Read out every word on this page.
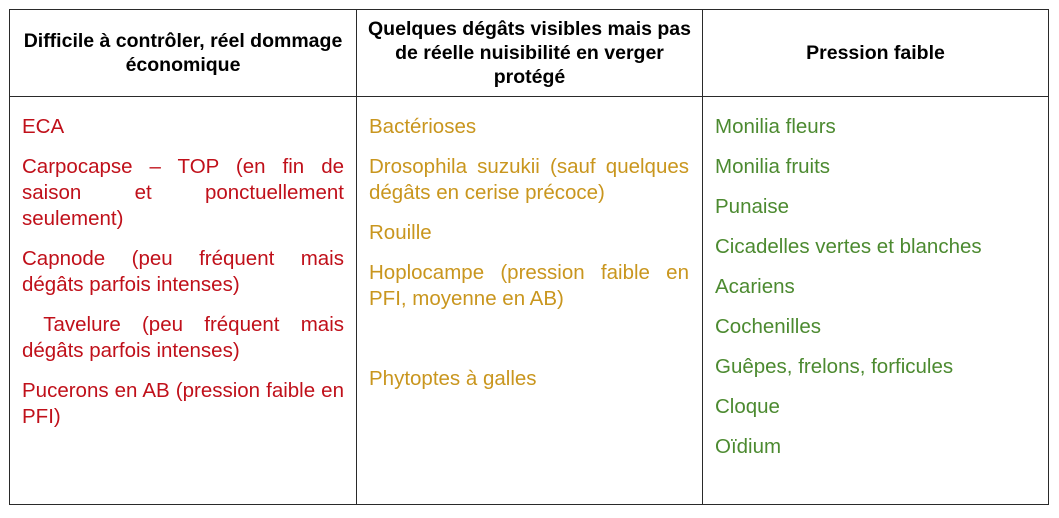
Difficile à contrôler, réel dommage économique
Quelques dégâts visibles mais pas de réelle nuisibilité en verger protégé
Pression faible
ECA
Carpocapse – TOP (en fin de saison et ponctuellement seulement)
Capnode (peu fréquent mais dégâts parfois intenses)
Tavelure (peu fréquent mais dégâts parfois intenses)
Pucerons en AB (pression faible en PFI)
Bactérioses
Drosophila suzukii (sauf quelques dégâts en cerise précoce)
Rouille
Hoplocampe (pression faible en PFI, moyenne en AB)
Phytoptes à galles
Monilia fleurs
Monilia fruits
Punaise
Cicadelles vertes et blanches
Acariens
Cochenilles
Guêpes, frelons, forficules
Cloque
Oïdium
